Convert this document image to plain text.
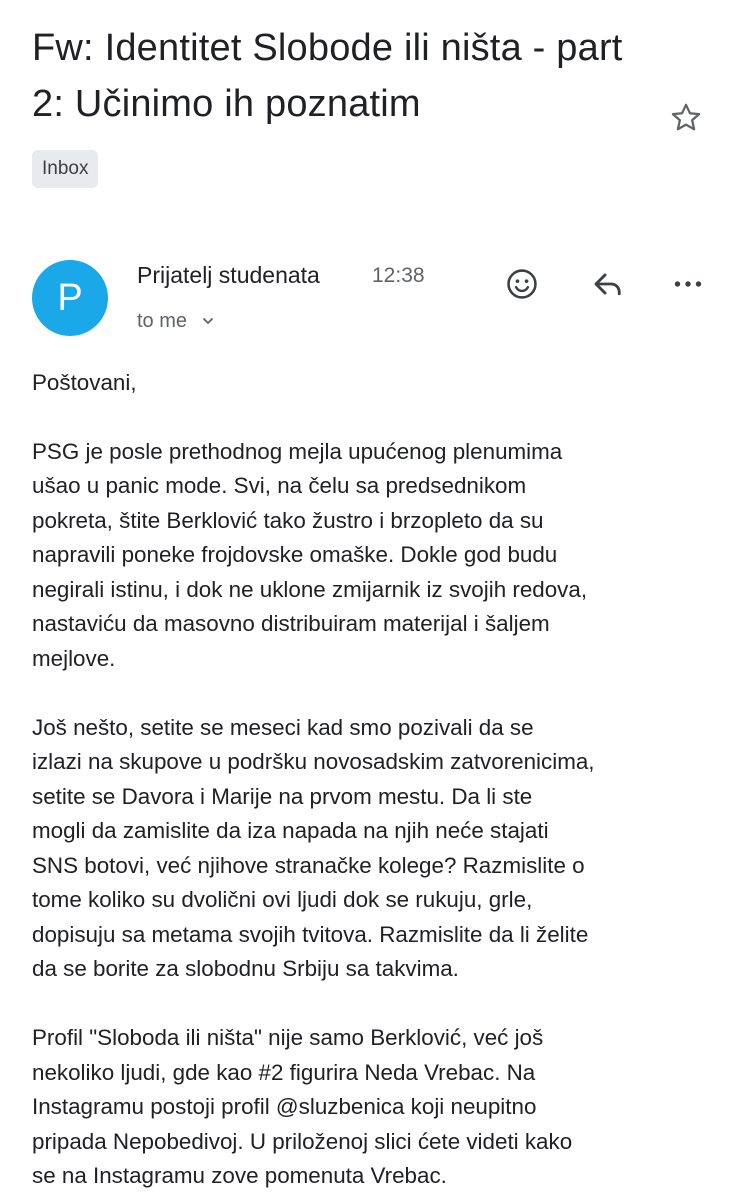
Fw: Identitet Slobode ili ništa - part 2: Učinimo ih poznatim
Inbox
P
Prijatelj studenata 12:38
to me

Poštovani,

PSG je posle prethodnog mejla upućenog plenumima
ušao u panic mode. Svi, na čelu sa predsednikom
pokreta, štite Berklović tako žustro i brzopleto da su
napravili poneke frojdovske omaške. Dokle god budu
negirali istinu, i dok ne uklone zmijarnik iz svojih redova,
nastaviću da masovno distribuiram materijal i šaljem
mejlove.

Još nešto, setite se meseci kad smo pozivali da se
izlazi na skupove u podršku novosadskim zatvorenicima,
setite se Davora i Marije na prvom mestu. Da li ste
mogli da zamislite da iza napada na njih neće stajati
SNS botovi, već njihove stranačke kolege? Razmislite o
tome koliko su dvolični ovi ljudi dok se rukuju, grle,
dopisuju sa metama svojih tvitova. Razmislite da li želite
da se borite za slobodnu Srbiju sa takvima.

Profil "Sloboda ili ništa" nije samo Berklović, već još
nekoliko ljudi, gde kao #2 figurira Neda Vrebac. Na
Instagramu postoji profil @sluzbenica koji neupitno
pripada Nepobedivoj. U priloženoj slici ćete videti kako
se na Instagramu zove pomenuta Vrebac.
